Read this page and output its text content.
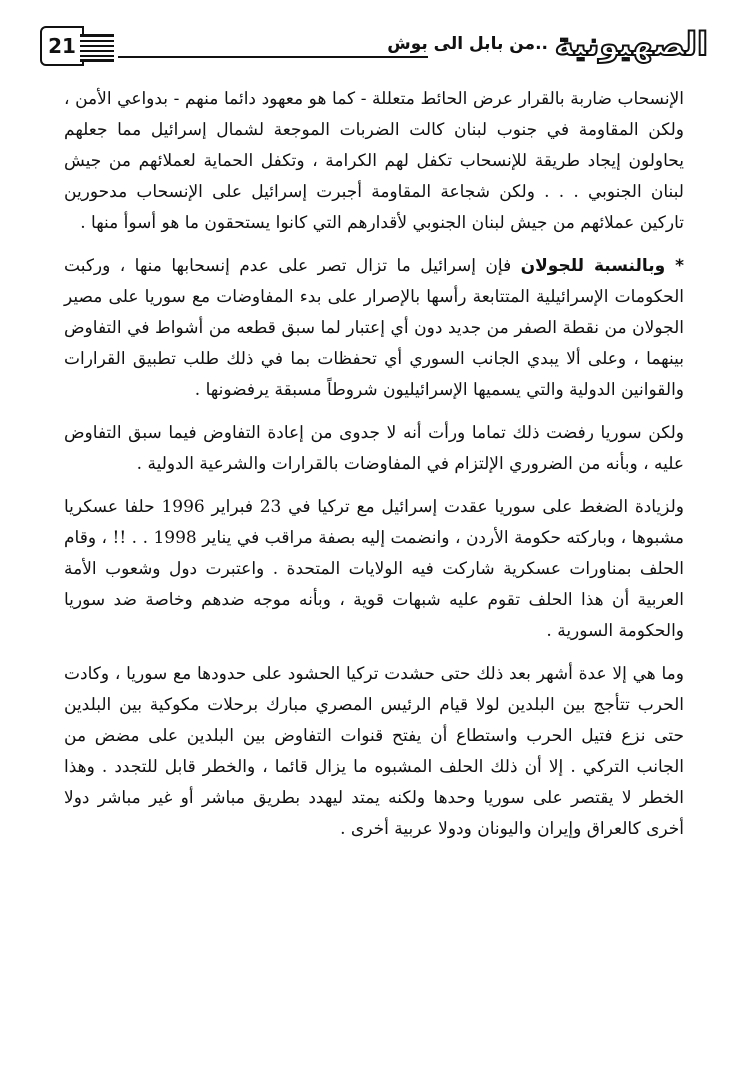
21	..من بابل الى بوش الصهيونية

الإنسحاب ضاربة بالقرار عرض الحائط متعللة - كما هو معهود دائما منهم - بدواعي الأمن ، ولكن المقاومة في جنوب لبنان كالت الضربات الموجعة لشمال إسرائيل مما جعلهم يحاولون إيجاد طريقة للإنسحاب تكفل لهم الكرامة ، وتكفل الحماية لعملائهم من جيش لبنان الجنوبي . . . ولكن شجاعة المقاومة أجبرت إسرائيل على الإنسحاب مدحورين تاركين عملائهم من جيش لبنان الجنوبي لأقدارهم التي كانوا يستحقون ما هو أسوأ منها .

* وبالنسبة للجولان فإن إسرائيل ما تزال تصر على عدم إنسحابها منها ، وركبت الحكومات الإسرائيلية المتتابعة رأسها بالإصرار على بدء المفاوضات مع سوريا على مصير الجولان من نقطة الصفر من جديد دون أي إعتبار لما سبق قطعه من أشواط في التفاوض بينهما ، وعلى ألا يبدي الجانب السوري أي تحفظات بما في ذلك طلب تطبيق القرارات والقوانين الدولية والتي يسميها الإسرائيليون شروطاً مسبقة يرفضونها .

ولكن سوريا رفضت ذلك تماما ورأت أنه لا جدوى من إعادة التفاوض فيما سبق التفاوض عليه ، وبأنه من الضروري الإلتزام في المفاوضات بالقرارات والشرعية الدولية .

ولزيادة الضغط على سوريا عقدت إسرائيل مع تركيا في 23 فبراير 1996 حلفا عسكريا مشبوها ، وباركته حكومة الأردن ، وانضمت إليه بصفة مراقب في يناير 1998 . . !! ، وقام الحلف بمناورات عسكرية شاركت فيه الولايات المتحدة . واعتبرت دول وشعوب الأمة العربية أن هذا الحلف تقوم عليه شبهات قوية ، وبأنه موجه ضدهم وخاصة ضد سوريا والحكومة السورية .

وما هي إلا عدة أشهر بعد ذلك حتى حشدت تركيا الحشود على حدودها مع سوريا ، وكادت الحرب تتأجج بين البلدين لولا قيام الرئيس المصري مبارك برحلات مكوكية بين البلدين حتى نزع فتيل الحرب واستطاع أن يفتح قنوات التفاوض بين البلدين على مضض من الجانب التركي . إلا أن ذلك الحلف المشبوه ما يزال قائما ، والخطر قابل للتجدد . وهذا الخطر لا يقتصر على سوريا وحدها ولكنه يمتد ليهدد بطريق مباشر أو غير مباشر دولا أخرى كالعراق وإيران واليونان ودولا عربية أخرى .
